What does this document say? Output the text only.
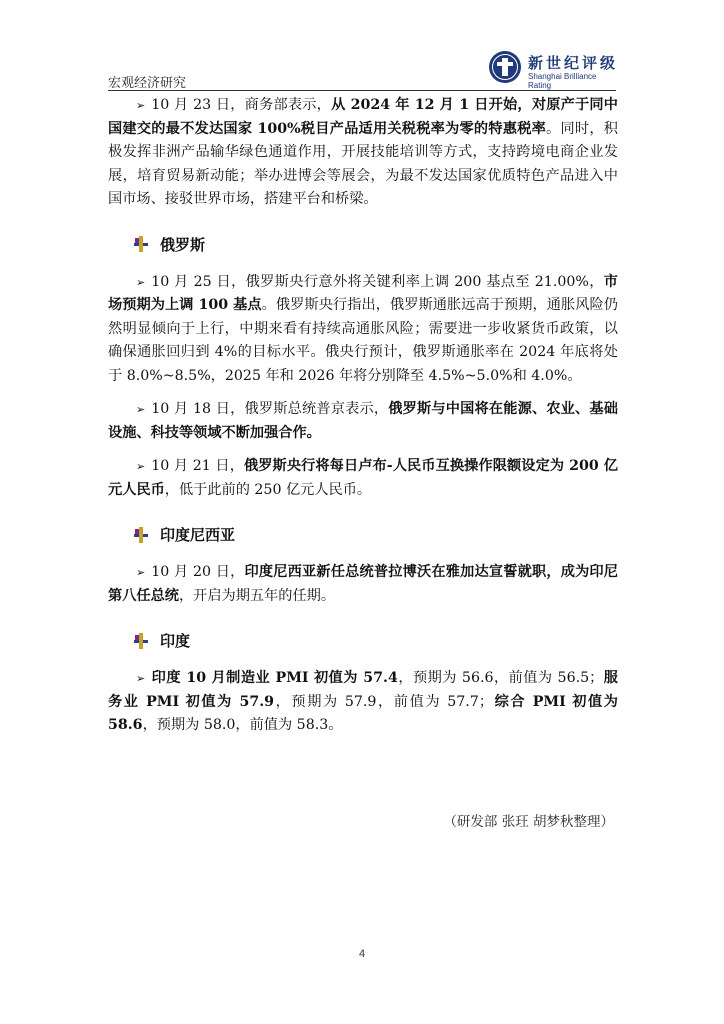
宏观经济研究
新世纪评级
Shanghai Brilliance Rating

➢ 10 月 23 日，商务部表示，从 2024 年 12 月 1 日开始，对原产于同中国建交的最不发达国家 100%税目产品适用关税税率为零的特惠税率。同时，积极发挥非洲产品输华绿色通道作用，开展技能培训等方式，支持跨境电商企业发展，培育贸易新动能；举办进博会等展会，为最不发达国家优质特色产品进入中国市场、接驳世界市场，搭建平台和桥梁。

俄罗斯

➢ 10 月 25 日，俄罗斯央行意外将关键利率上调 200 基点至 21.00%，市场预期为上调 100 基点。俄罗斯央行指出，俄罗斯通胀远高于预期，通胀风险仍然明显倾向于上行，中期来看有持续高通胀风险；需要进一步收紧货币政策，以确保通胀回归到 4%的目标水平。俄央行预计，俄罗斯通胀率在 2024 年底将处于 8.0%~8.5%，2025 年和 2026 年将分别降至 4.5%~5.0%和 4.0%。

➢ 10 月 18 日，俄罗斯总统普京表示，俄罗斯与中国将在能源、农业、基础设施、科技等领域不断加强合作。

➢ 10 月 21 日，俄罗斯央行将每日卢布-人民币互换操作限额设定为 200 亿元人民币，低于此前的 250 亿元人民币。

印度尼西亚

➢ 10 月 20 日，印度尼西亚新任总统普拉博沃在雅加达宣誓就职，成为印尼第八任总统，开启为期五年的任期。

印度

➢ 印度 10 月制造业 PMI 初值为 57.4，预期为 56.6，前值为 56.5；服务业 PMI 初值为 57.9，预期为 57.9，前值为 57.7；综合 PMI 初值为 58.6，预期为 58.0，前值为 58.3。

（研发部 张玨 胡梦秋整理）
4
